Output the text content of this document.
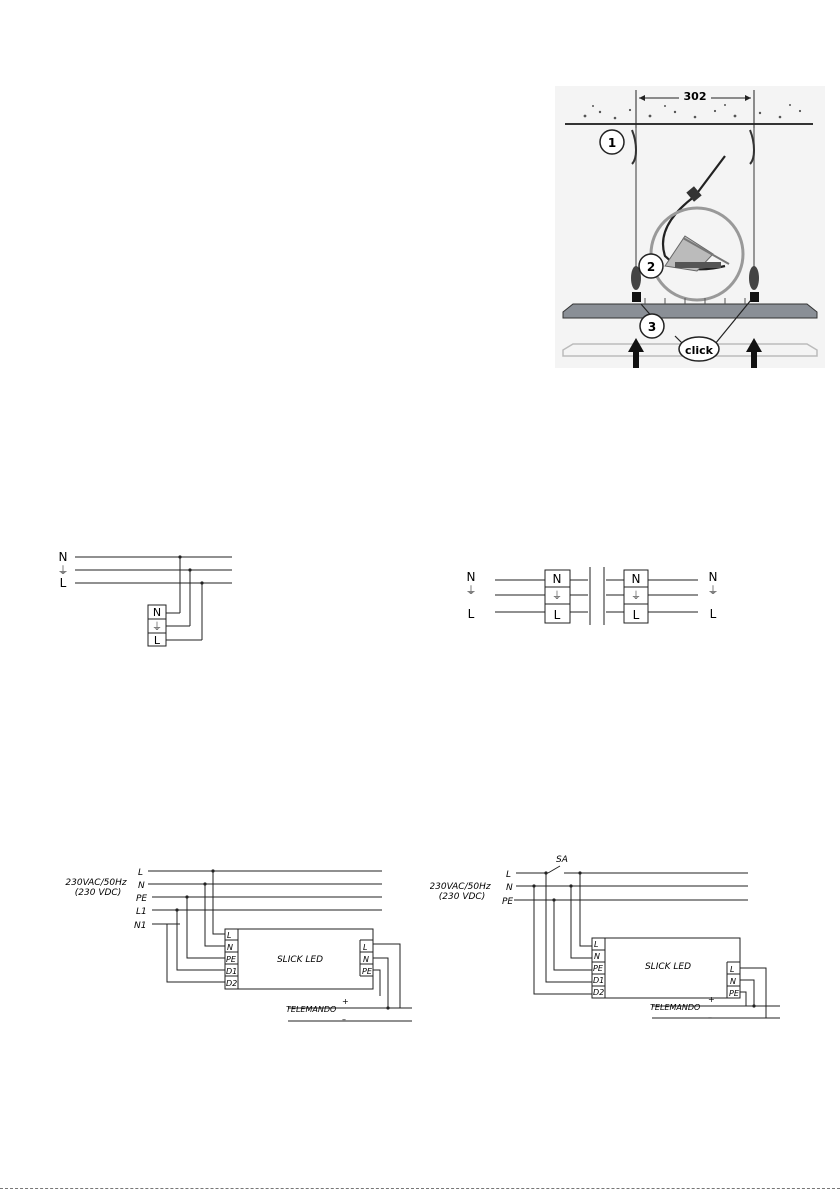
302
1
2
3
click
N
⏚
L
N
⏚
L
N
⏚
L
N
⏚
L
N
⏚
L
N
⏚
L
230VAC/50Hz
(230 VDC)
L
N
PE
L1
N1
SLICK LED
L
N
PE
D1
D2
L
N
PE
TELEMANDO
+
–
230VAC/50Hz
(230 VDC)
L
N
PE
SA
SLICK LED
L
N
PE
D1
D2
L
N
PE
TELEMANDO
+
–
